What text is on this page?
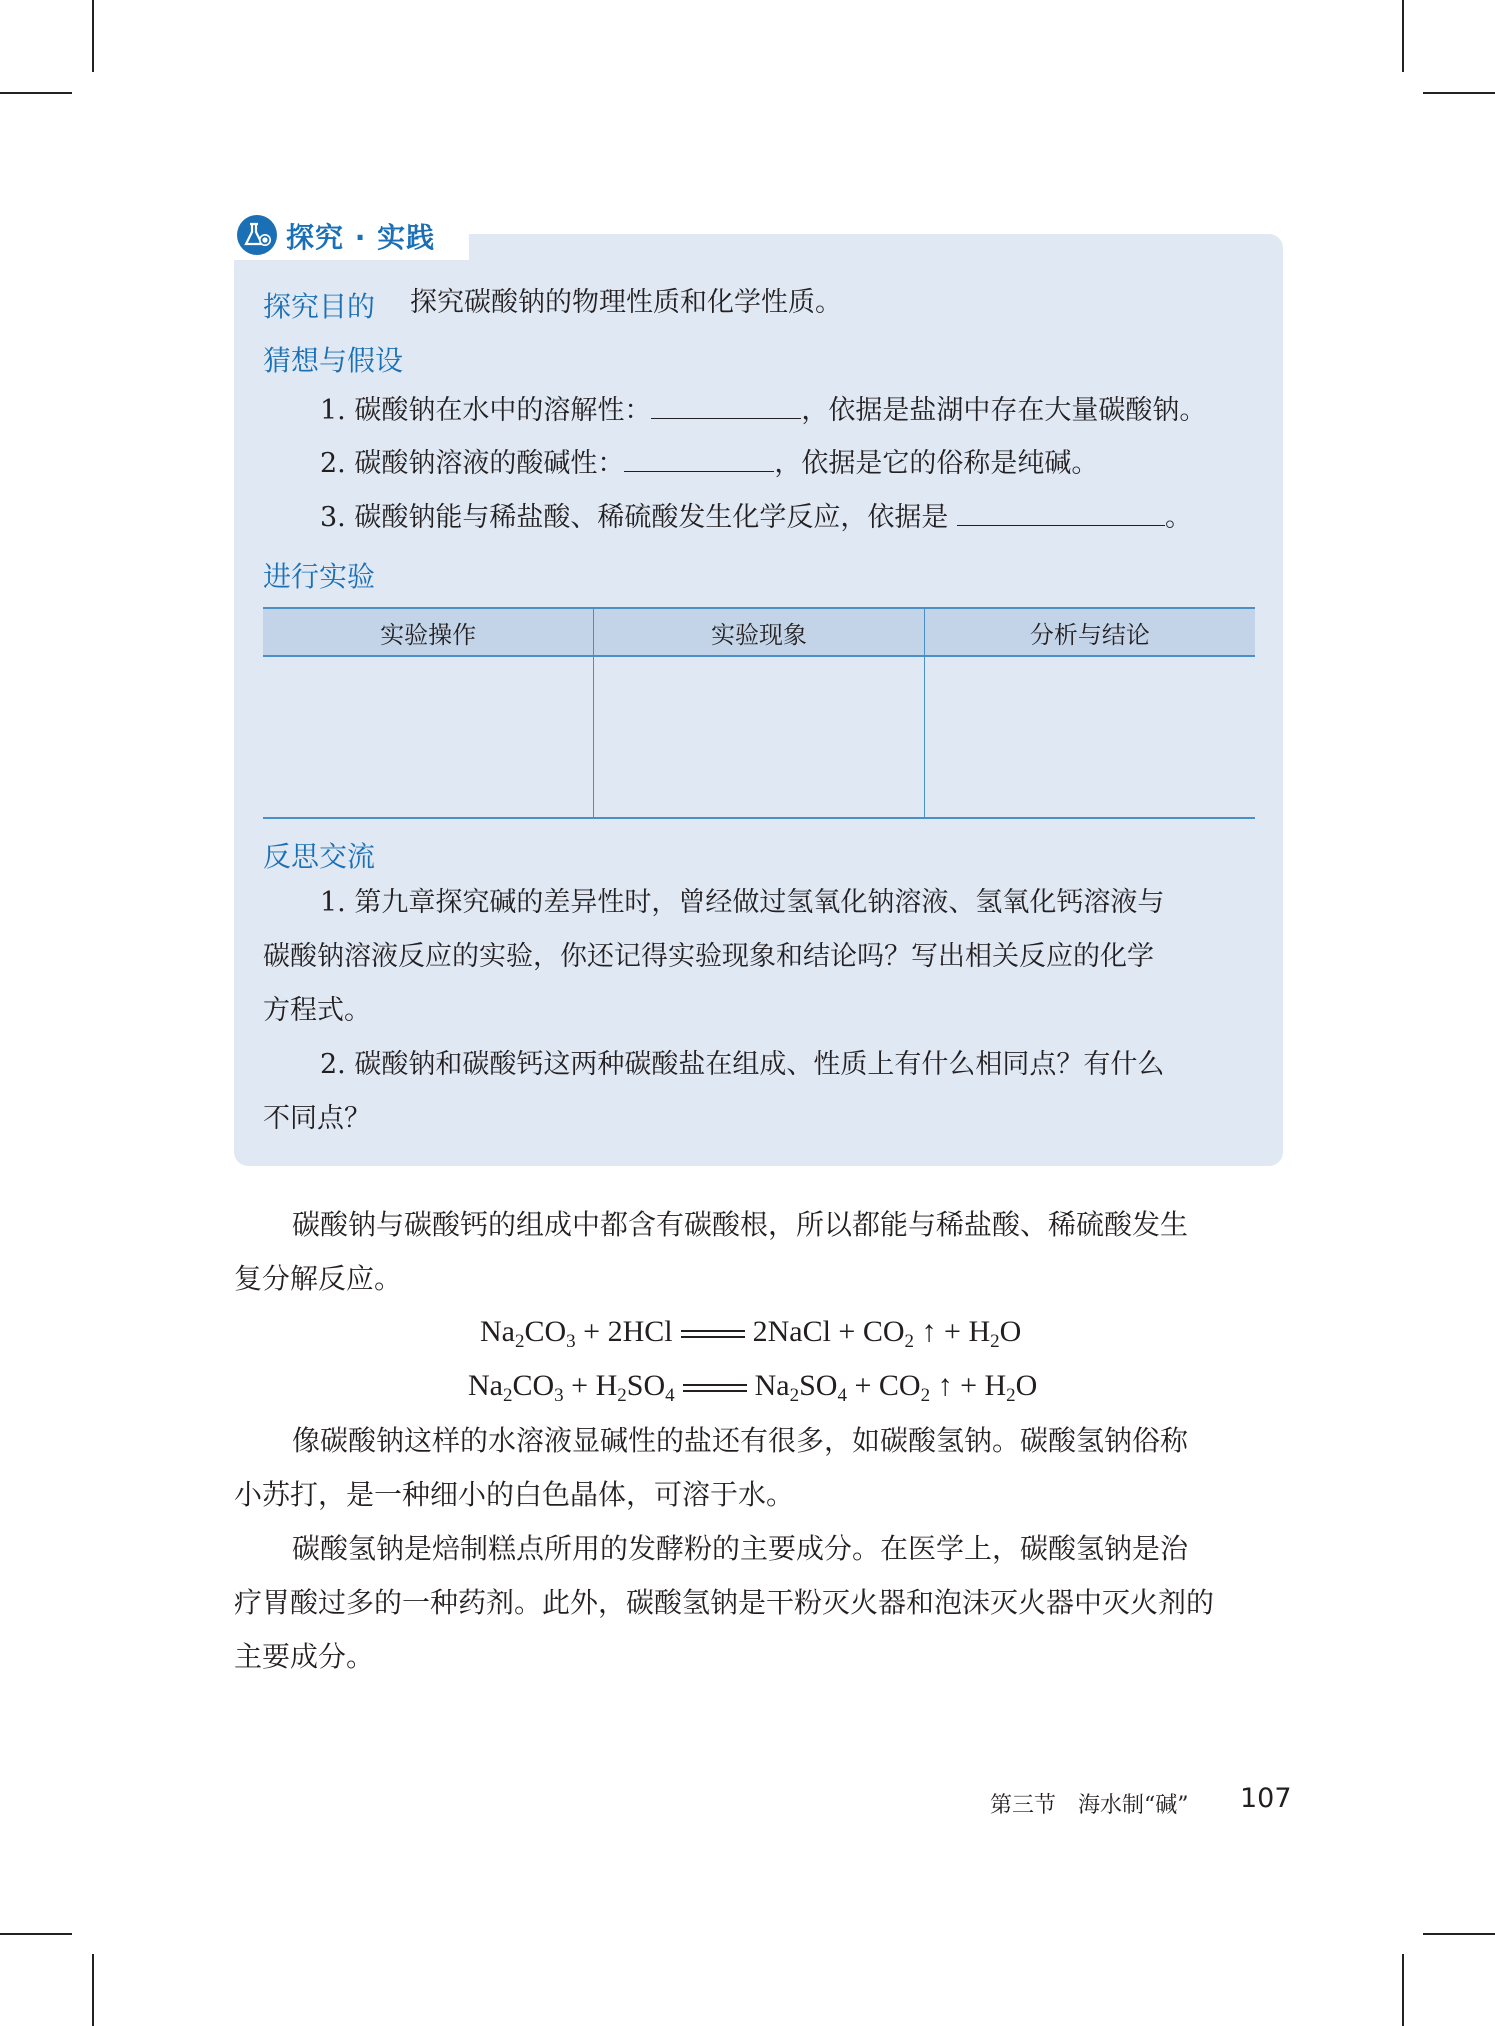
探究 · 实践
探究目的 探究碳酸钠的物理性质和化学性质。
猜想与假设
1. 碳酸钠在水中的溶解性：	，依据是盐湖中存在大量碳酸钠。
2. 碳酸钠溶液的酸碱性：	，依据是它的俗称是纯碱。
3. 碳酸钠能与稀盐酸、稀硫酸发生化学反应，依据是	。
进行实验
实验操作	实验现象	分析与结论

反思交流
1. 第九章探究碱的差异性时，曾经做过氢氧化钠溶液、氢氧化钙溶液与
碳酸钠溶液反应的实验，你还记得实验现象和结论吗？写出相关反应的化学
方程式。
2. 碳酸钠和碳酸钙这两种碳酸盐在组成、性质上有什么相同点？有什么
不同点？
碳酸钠与碳酸钙的组成中都含有碳酸根，所以都能与稀盐酸、稀硫酸发生
复分解反应。
$Na_2CO_3 + 2HCl$	2NaCl + $CO_2$ ↑ + $H_2O$
$Na_2CO_3 + H_2SO_4$	$Na_2SO_4 + CO_2$ ↑ + $H_2O$
像碳酸钠这样的水溶液显碱性的盐还有很多，如碳酸氢钠。碳酸氢钠俗称
小苏打，是一种细小的白色晶体，可溶于水。
碳酸氢钠是焙制糕点所用的发酵粉的主要成分。在医学上，碳酸氢钠是治
疗胃酸过多的一种药剂。此外，碳酸氢钠是干粉灭火器和泡沫灭火器中灭火剂的
主要成分。
第三节　海水制“碱” 107
